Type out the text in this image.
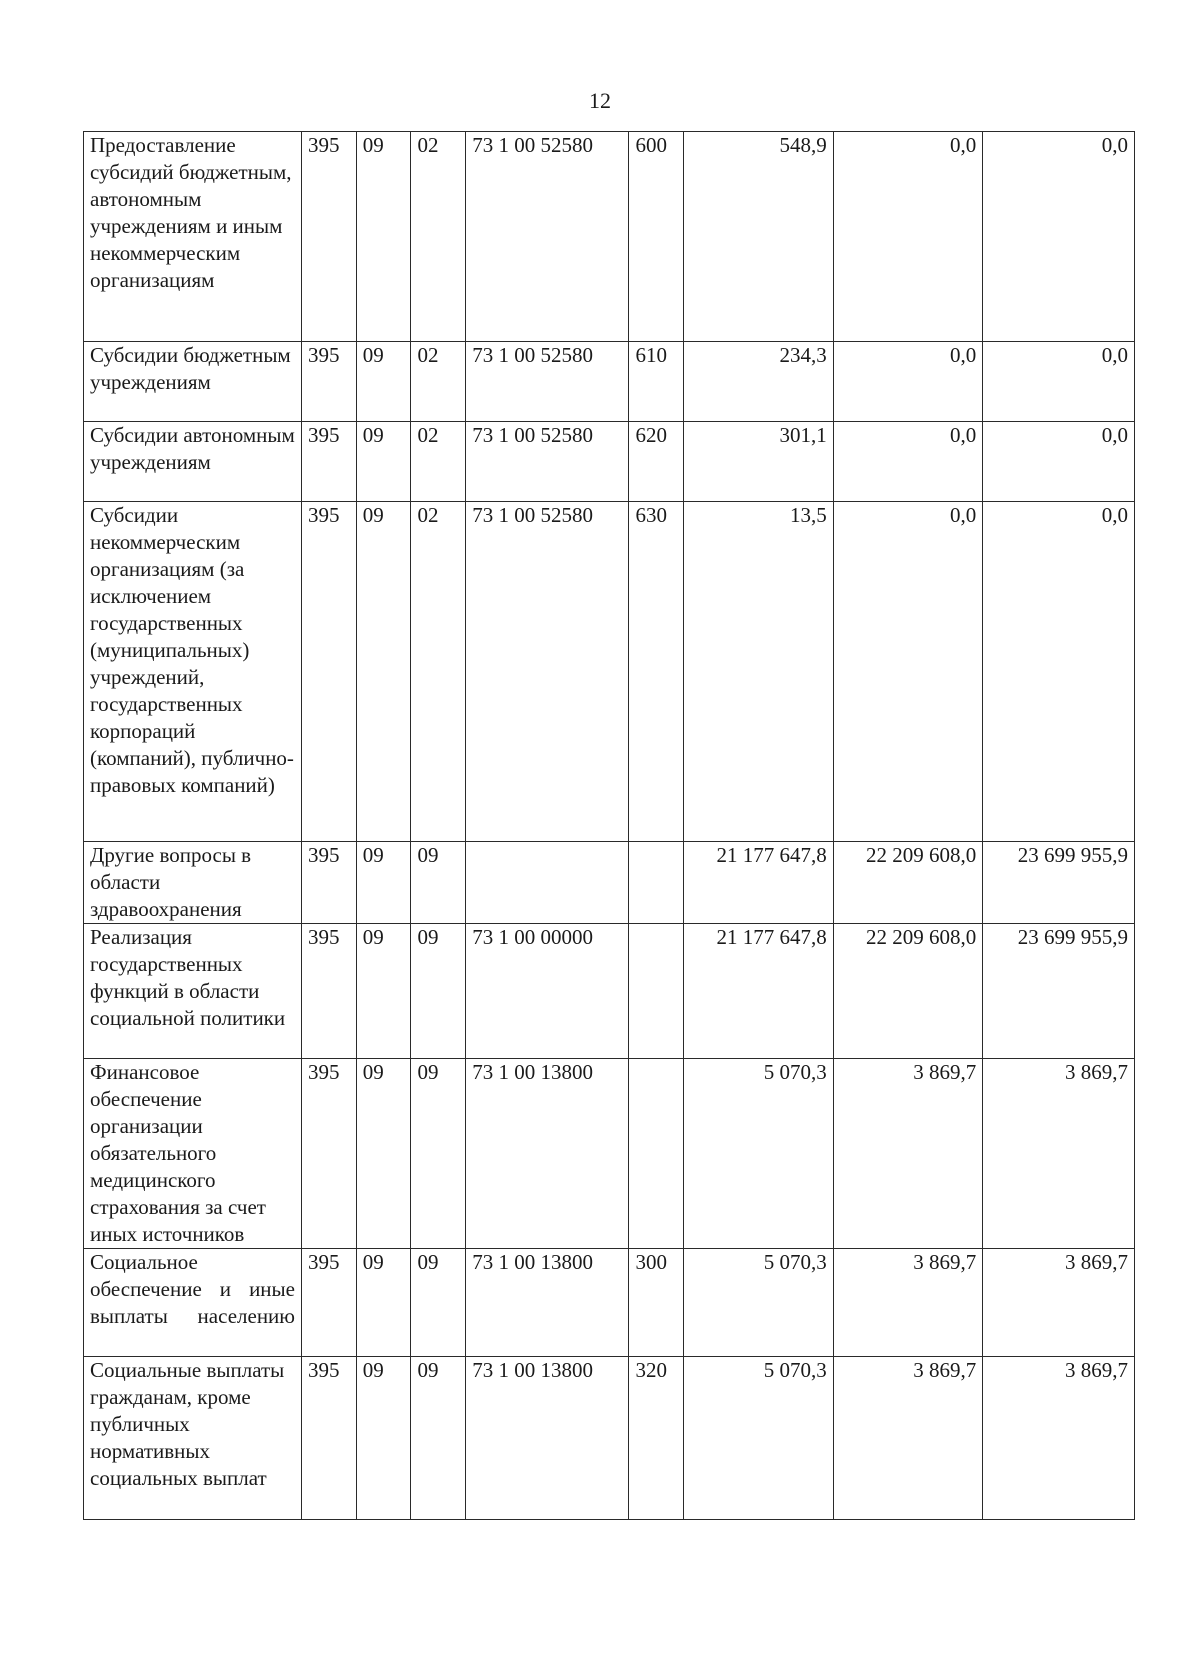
12
Предоставление субсидий бюджетным, автономным учреждениям и иным некоммерческим организациям	395	09	02	73 1 00 52580	600	548,9	0,0	0,0
Субсидии бюджетным учреждениям	395	09	02	73 1 00 52580	610	234,3	0,0	0,0
Субсидии автономным учреждениям	395	09	02	73 1 00 52580	620	301,1	0,0	0,0
Субсидии некоммерческим организациям (за исключением государственных (муниципальных) учреждений, государственных корпораций (компаний), публично-правовых компаний)	395	09	02	73 1 00 52580	630	13,5	0,0	0,0
Другие вопросы в области здравоохранения	395	09	09			21 177 647,8	22 209 608,0	23 699 955,9
Реализация государственных функций в области социальной политики	395	09	09	73 1 00 00000		21 177 647,8	22 209 608,0	23 699 955,9
Финансовое обеспечение организации обязательного медицинского страхования за счет иных источников	395	09	09	73 1 00 13800		5 070,3	3 869,7	3 869,7
Социальное обеспечение и иные выплаты населению	395	09	09	73 1 00 13800	300	5 070,3	3 869,7	3 869,7
Социальные выплаты гражданам, кроме публичных нормативных социальных выплат	395	09	09	73 1 00 13800	320	5 070,3	3 869,7	3 869,7
